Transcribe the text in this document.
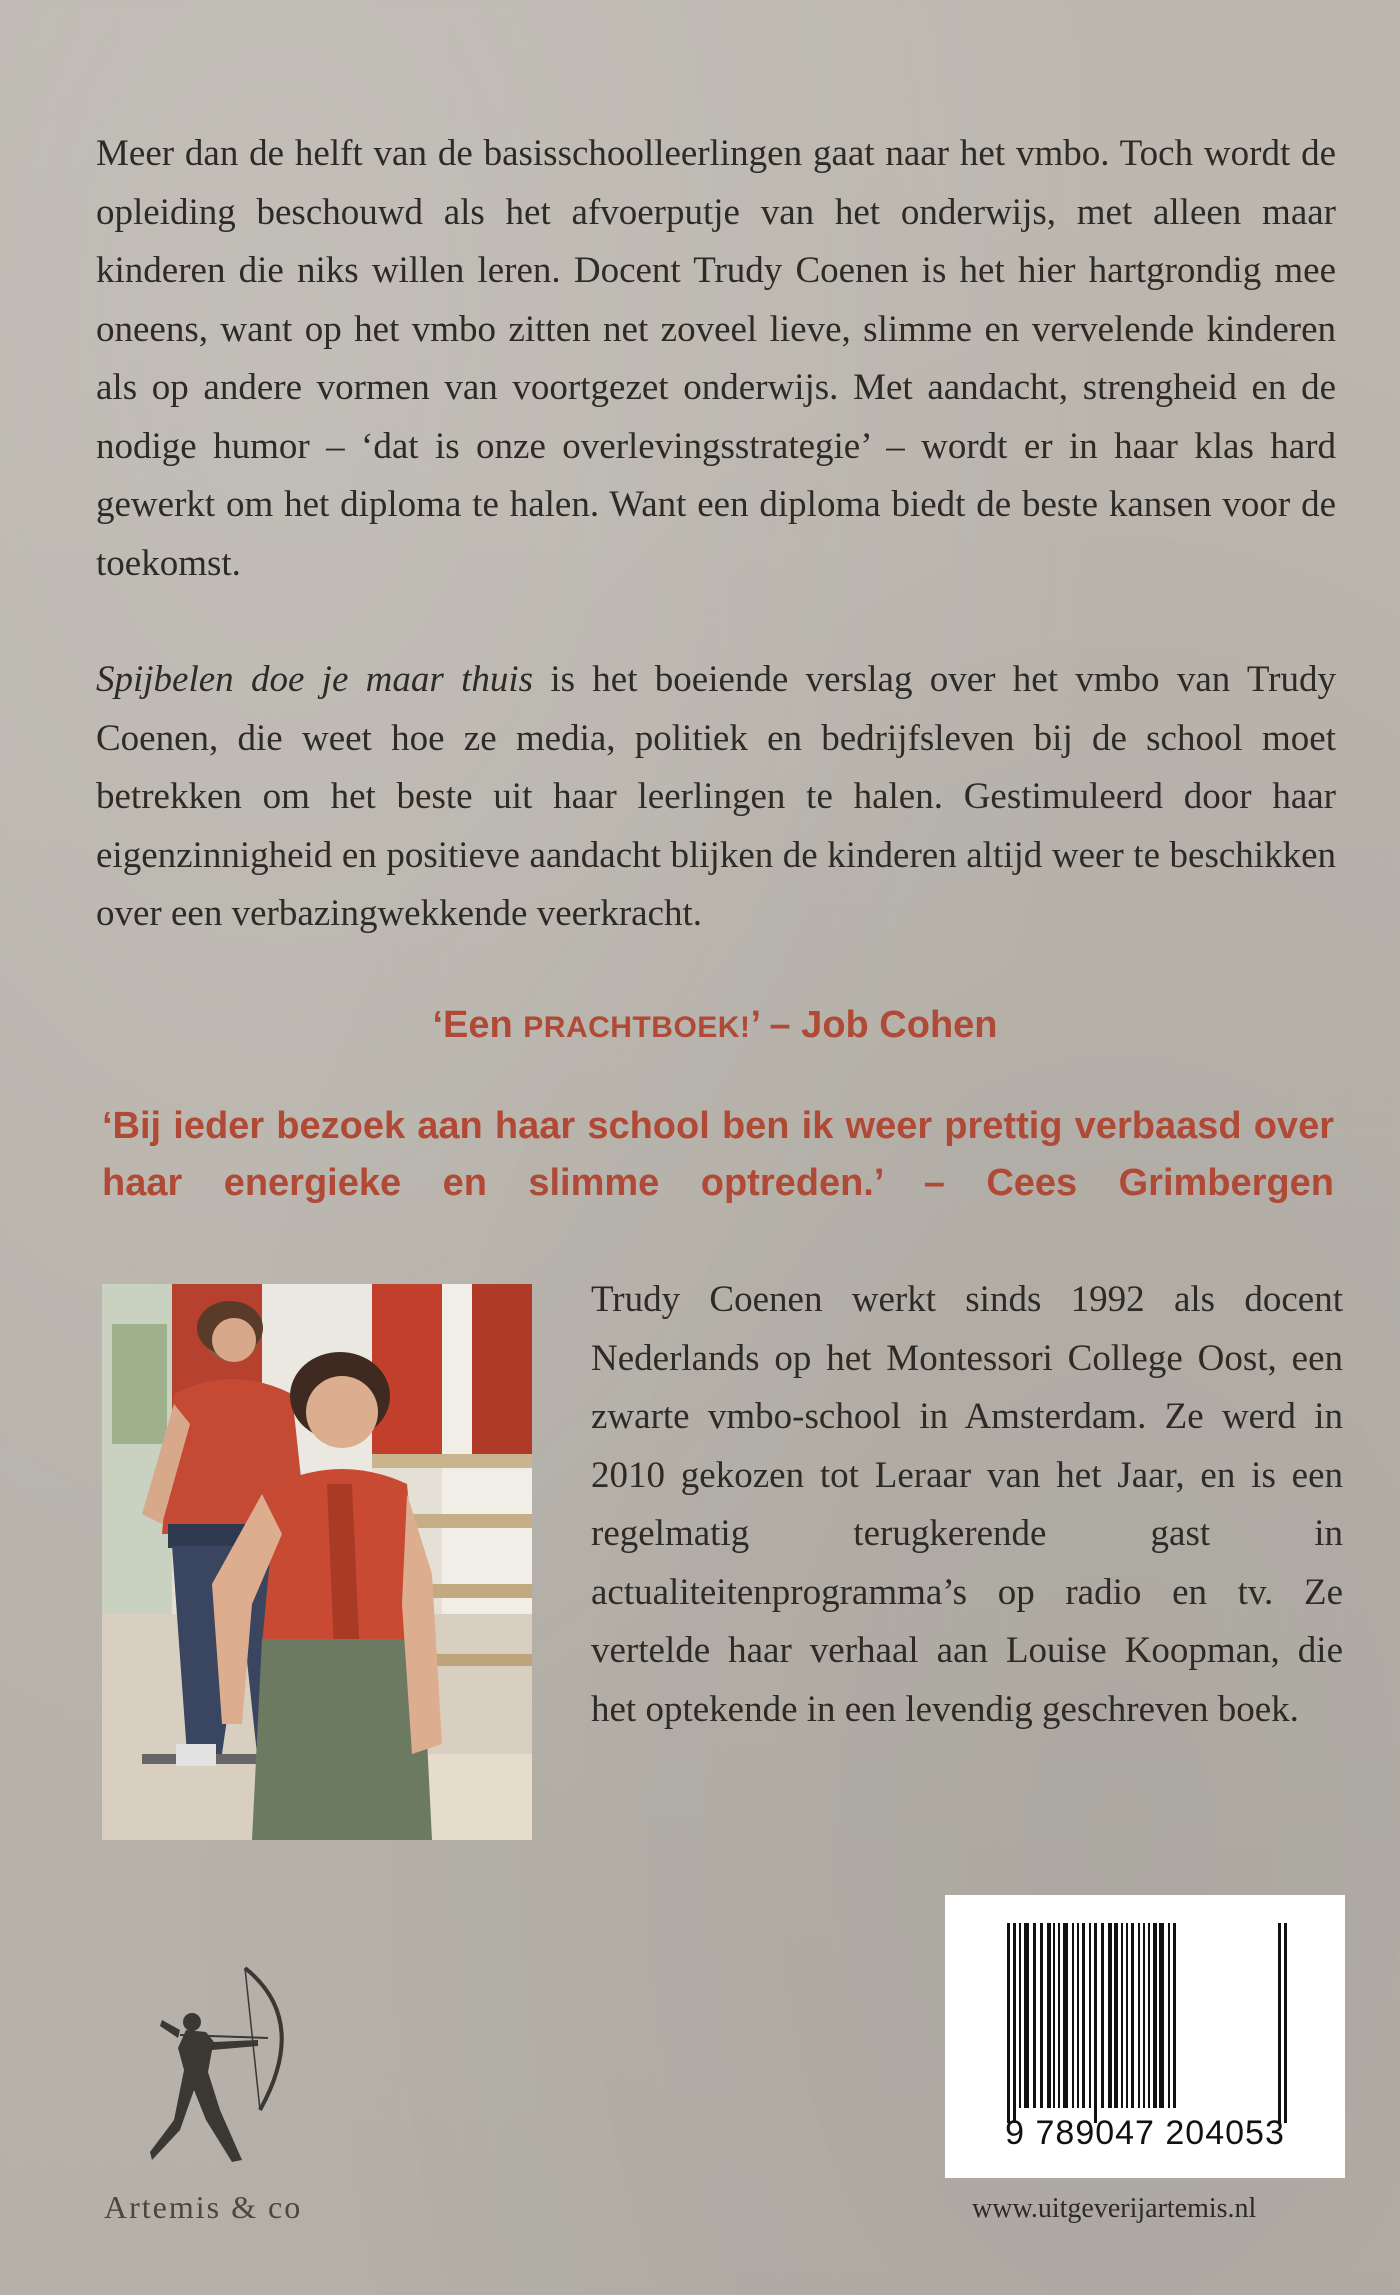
Meer dan de helft van de basisschoolleerlingen gaat naar het vmbo. Toch wordt de opleiding beschouwd als het afvoerputje van het onderwijs, met alleen maar kinderen die niks willen leren. Docent Trudy Coenen is het hier hartgrondig mee oneens, want op het vmbo zitten net zoveel lieve, slimme en vervelende kinderen als op andere vormen van voortgezet onderwijs. Met aandacht, strengheid en de nodige humor – ‘dat is onze overlevingsstrategie’ – wordt er in haar klas hard gewerkt om het diploma te halen. Want een diploma biedt de beste kansen voor de toekomst.

Spijbelen doe je maar thuis is het boeiende verslag over het vmbo van Trudy Coenen, die weet hoe ze media, politiek en bedrijfsleven bij de school moet betrekken om het beste uit haar leerlingen te halen. Gestimuleerd door haar eigenzinnigheid en positieve aandacht blijken de kinderen altijd weer te beschikken over een verbazingwekkende veerkracht.

‘Een PRACHTBOEK!’ – Job Cohen
‘Bij ieder bezoek aan haar school ben ik weer prettig verbaasd over haar energieke en slimme optreden.’ – Cees Grimbergen

Trudy Coenen werkt sinds 1992 als docent Nederlands op het Montessori College Oost, een zwarte vmbo-school in Amsterdam. Ze werd in 2010 gekozen tot Leraar van het Jaar, en is een regelmatig terugkerende gast in actualiteitenprogramma’s op radio en tv. Ze vertelde haar verhaal aan Louise Koopman, die het optekende in een levendig geschreven boek.

Artemis & co
9 789047 204053
www.uitgeverijartemis.nl
